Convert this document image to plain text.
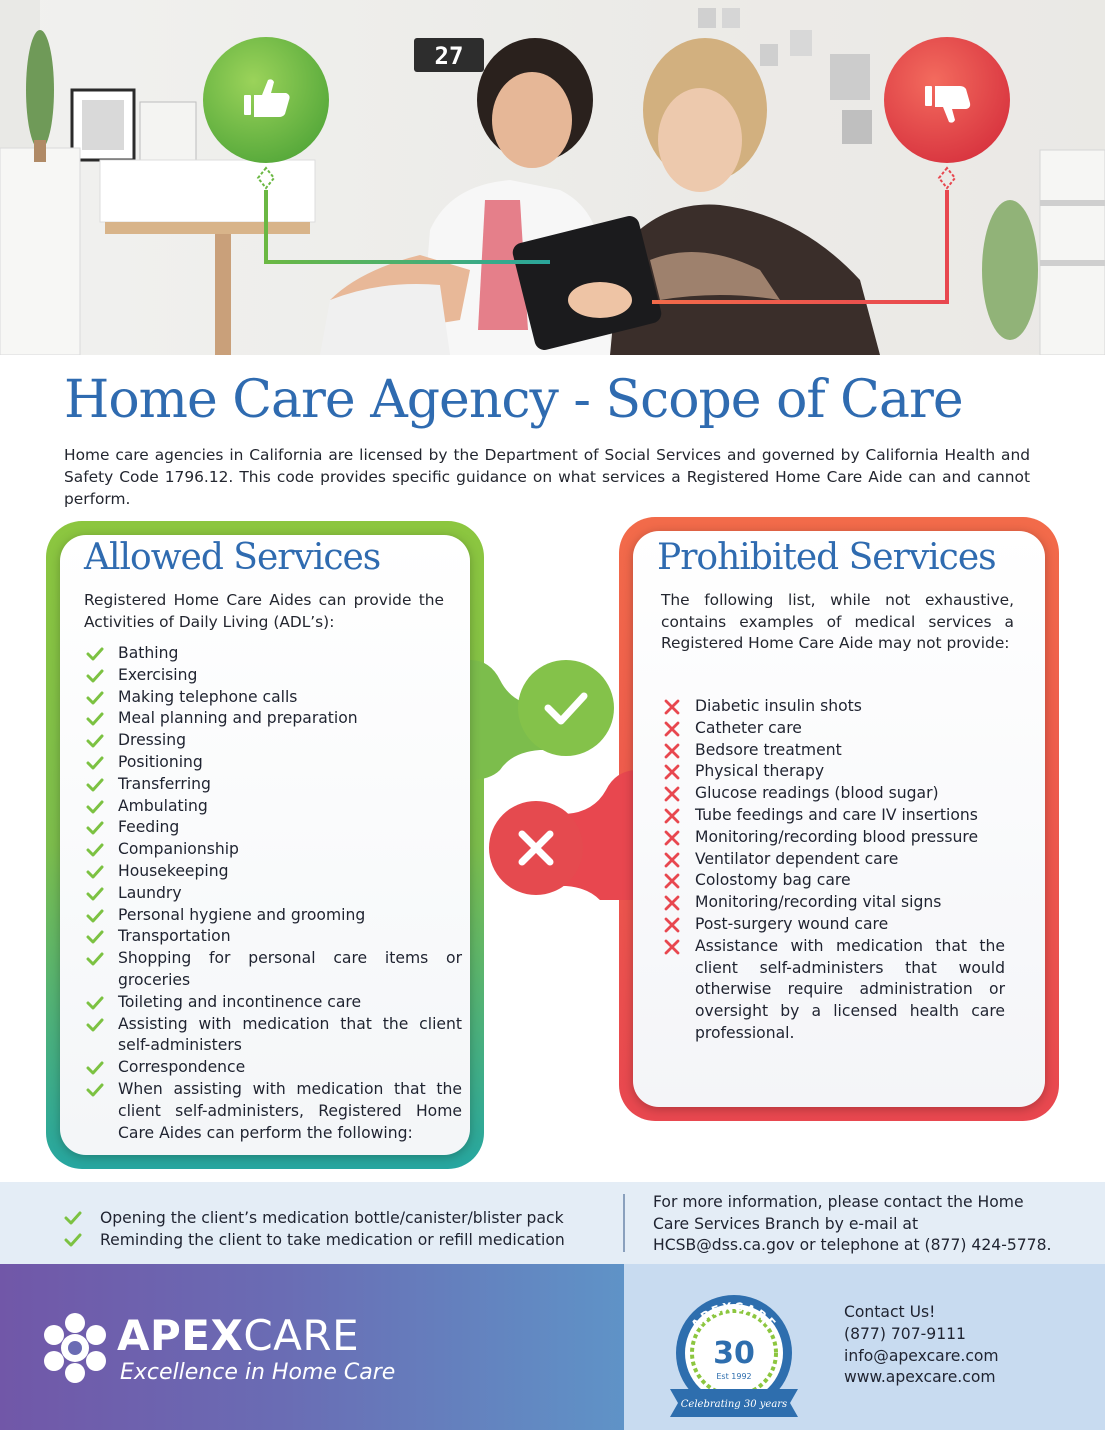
27
Home Care Agency - Scope of Care

Home care agencies in California are licensed by the Department of Social Services and governed by California Health and Safety Code 1796.12. This code provides specific guidance on what services a Registered Home Care Aide can and cannot perform.

Allowed Services

Registered Home Care Aides can provide the Activities of Daily Living (ADL’s):

Bathing
Exercising
Making telephone calls
Meal planning and preparation
Dressing
Positioning
Transferring
Ambulating
Feeding
Companionship
Housekeeping
Laundry
Personal hygiene and grooming
Transportation
Shopping for personal care items or groceries
Toileting and incontinence care
Assisting with medication that the client self-administers
Correspondence
When assisting with medication that the client self-administers, Registered Home Care Aides can perform the following:
Prohibited Services

The following list, while not exhaustive, contains examples of medical services a Registered Home Care Aide may not provide:

Diabetic insulin shots
Catheter care
Bedsore treatment
Physical therapy
Glucose readings (blood sugar)
Tube feedings and care IV insertions
Monitoring/recording blood pressure
Ventilator dependent care
Colostomy bag care
Monitoring/recording vital signs
Post-surgery wound care
Assistance with medication that the client self-administers that would otherwise require administration or oversight by a licensed health care professional.
Opening the client’s medication bottle/canister/blister pack
Reminding the client to take medication or refill medication

For more information, please contact the Home Care Services Branch by e-mail at HCSB@dss.ca.gov or telephone at (877) 424-5778.

APEXCARE
Excellence in Home Care
APEXCARE
30
Est 1992
Celebrating 30 years
Contact Us!
(877) 707-9111
info@apexcare.com
www.apexcare.com
